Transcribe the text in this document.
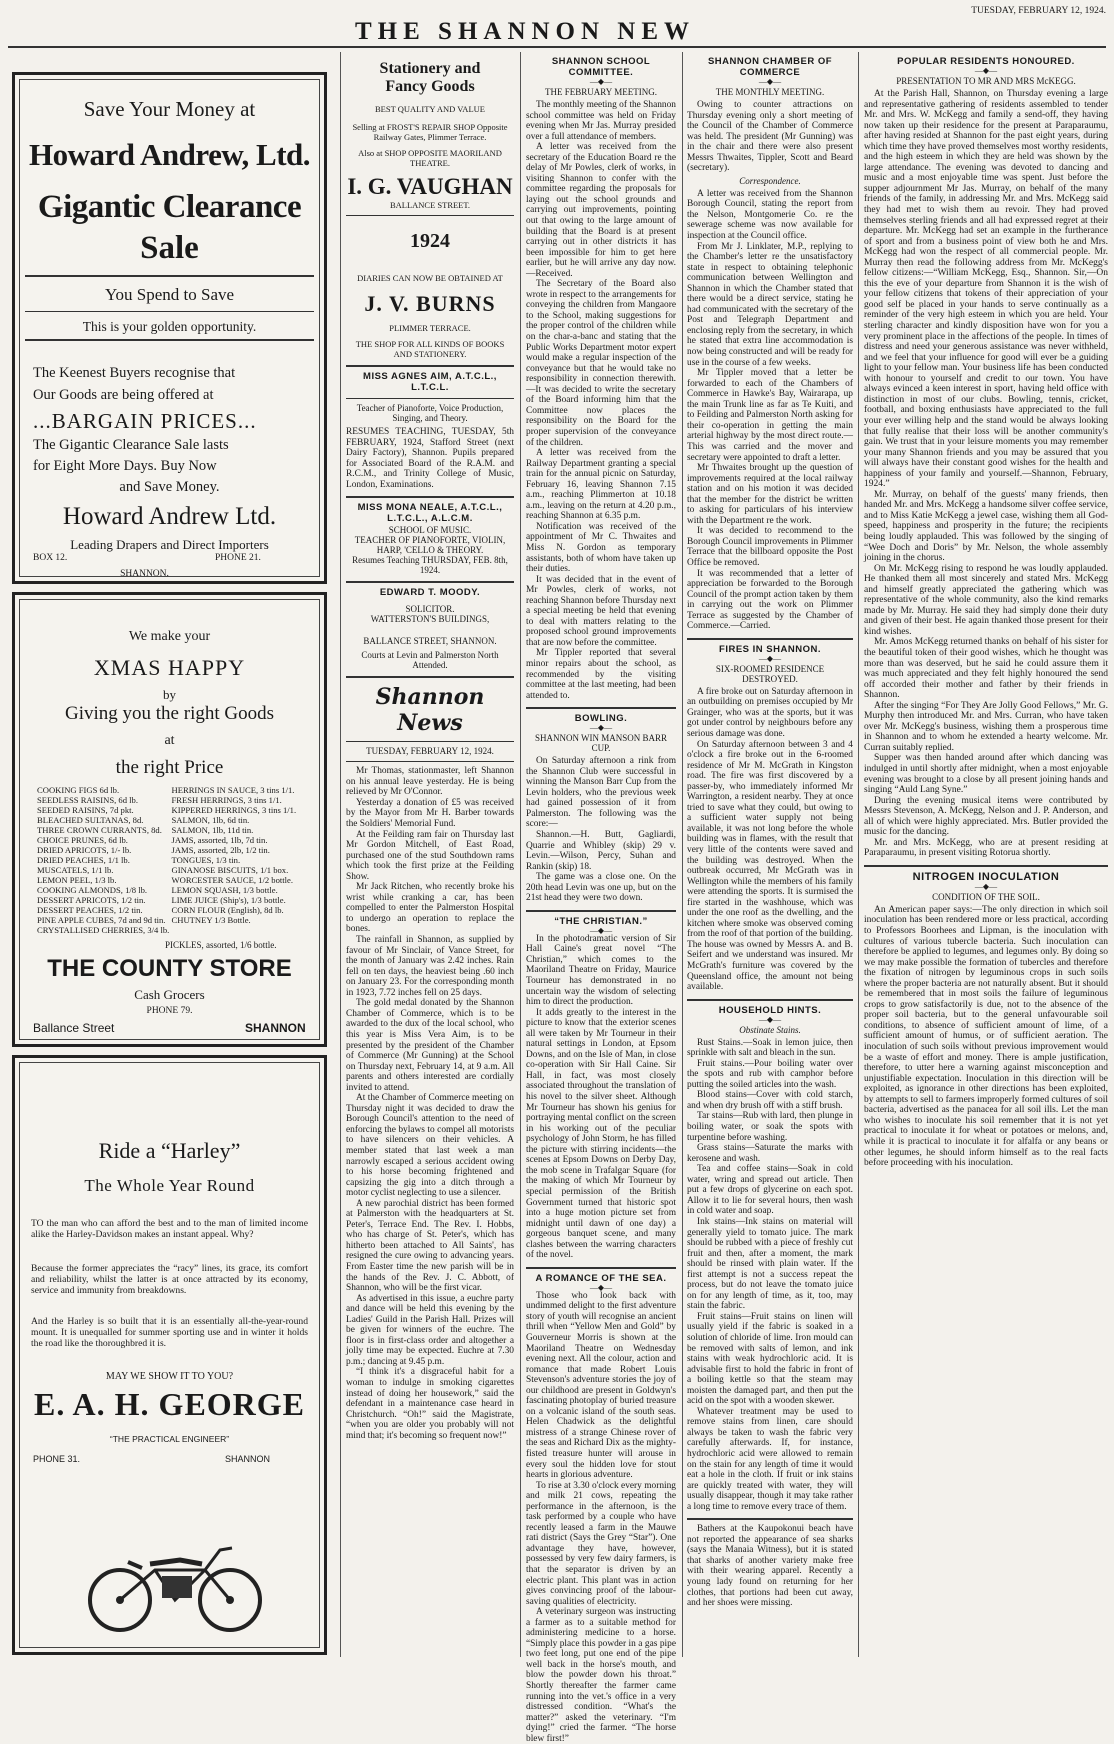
THE SHANNON NEW
TUESDAY, FEBRUARY 12, 1924.
Save Your Money at
Howard Andrew, Ltd.
Gigantic Clearance
Sale
You Spend to Save
This is your golden opportunity.
The Keenest Buyers recognise that
Our Goods are being offered at
...BARGAIN PRICES...
The Gigantic Clearance Sale lasts
for Eight More Days. Buy Now
and Save Money.
Howard Andrew Ltd.
Leading Drapers and Direct Importers
BOX 12.	PHONE 21.
SHANNON.
We make your
XMAS HAPPY
by
Giving you the right Goods
at
the right Price
COOKING FIGS 6d lb.	HERRINGS IN SAUCE, 3 tins 1/1.
SEEDLESS RAISINS, 6d lb.	FRESH HERRINGS, 3 tins 1/1.
SEEDED RAISINS, 7d pkt.	KIPPERED HERRINGS, 3 tins 1/1.
BLEACHED SULTANAS, 8d.	SALMON, 1lb, 6d tin.
THREE CROWN CURRANTS, 8d.	SALMON, 1lb, 11d tin.
CHOICE PRUNES, 6d lb.	JAMS, assorted, 1lb, 7d tin.
DRIED APRICOTS, 1/- lb.	JAMS, assorted, 2lb, 1/2 tin.
DRIED PEACHES, 1/1 lb.	TONGUES, 1/3 tin.
MUSCATELS, 1/1 lb.	GINANOSE BISCUITS, 1/1 box.
LEMON PEEL, 1/3 lb.	WORCESTER SAUCE, 1/2 bottle.
COOKING ALMONDS, 1/8 lb.	LEMON SQUASH, 1/3 bottle.
DESSERT APRICOTS, 1/2 tin.	LIME JUICE (Ship's), 1/3 bottle.
DESSERT PEACHES, 1/2 tin.	CORN FLOUR (English), 8d lb.
PINE APPLE CUBES, 7d and 9d tin. CHUTNEY 1/3 Bottle.
CRYSTALLISED CHERRIES, 3/4 lb.
PICKLES, assorted, 1/6 bottle.
THE COUNTY STORE
Cash Grocers
PHONE 79.
Ballance Street	SHANNON
Ride a “Harley”
The Whole Year Round
TO the man who can afford the best and to the man of limited income alike the Harley-Davidson makes an instant appeal. Why?
Because the former appreciates the “racy” lines, its grace, its comfort and reliability, whilst the latter is at once attracted by its economy, service and immunity from breakdowns.
And the Harley is so built that it is an essentially all-the-year-round mount. It is unequalled for summer sporting use and in winter it holds the road like the thoroughbred it is.
MAY WE SHOW IT TO YOU?
E. A. H. GEORGE
“THE PRACTICAL ENGINEER”
PHONE 31.	SHANNON
Stationery and
Fancy Goods
BEST QUALITY AND VALUE
Selling at FROST'S REPAIR SHOP Opposite Railway Gates, Plimmer Terrace.
Also at SHOP OPPOSITE MAORILAND THEATRE.
I. G. VAUGHAN
BALLANCE STREET.
1924
DIARIES CAN NOW BE OBTAINED AT
J. V. BURNS
PLIMMER TERRACE.
THE SHOP FOR ALL KINDS OF BOOKS AND STATIONERY.
MISS AGNES AIM, A.T.C.L., L.T.C.L.
Teacher of Pianoforte, Voice Production, Singing, and Theory.
RESUMES TEACHING, TUESDAY, 5th FEBRUARY, 1924, Stafford Street (next Dairy Factory), Shannon. Pupils prepared for Associated Board of the R.A.M. and R.C.M., and Trinity College of Music, London, Examinations.
MISS MONA NEALE, A.T.C.L., L.T.C.L., A.L.C.M.
SCHOOL OF MUSIC.
TEACHER OF PIANOFORTE, VIOLIN, HARP, 'CELLO & THEORY.
Resumes Teaching THURSDAY, FEB. 8th, 1924.
EDWARD T. MOODY.
SOLICITOR.
WATTERSTON'S BUILDINGS,
BALLANCE STREET, SHANNON.
Courts at Levin and Palmerston North Attended.
Shannon News
TUESDAY, FEBRUARY 12, 1924.

Mr Thomas, stationmaster, left Shannon on his annual leave yesterday. He is being relieved by Mr O'Connor.

Yesterday a donation of £5 was received by the Mayor from Mr H. Barber towards the Soldiers' Memorial Fund.

At the Feilding ram fair on Thursday last Mr Gordon Mitchell, of East Road, purchased one of the stud Southdown rams which took the first prize at the Feilding Show.

Mr Jack Ritchen, who recently broke his wrist while cranking a car, has been compelled to enter the Palmerston Hospital to undergo an operation to replace the bones.

The rainfall in Shannon, as supplied by favour of Mr Sinclair, of Vance Street, for the month of January was 2.42 inches. Rain fell on ten days, the heaviest being .60 inch on January 23. For the corresponding month in 1923, 7.72 inches fell on 25 days.

The gold medal donated by the Shannon Chamber of Commerce, which is to be awarded to the dux of the local school, who this year is Miss Vera Aim, is to be presented by the president of the Chamber of Commerce (Mr Gunning) at the School on Thursday next, February 14, at 9 a.m. All parents and others interested are cordially invited to attend.

At the Chamber of Commerce meeting on Thursday night it was decided to draw the Borough Council's attention to the need of enforcing the bylaws to compel all motorists to have silencers on their vehicles. A member stated that last week a man narrowly escaped a serious accident owing to his horse becoming frightened and capsizing the gig into a ditch through a motor cyclist neglecting to use a silencer.

A new parochial district has been formed at Palmerston with the headquarters at St. Peter's, Terrace End. The Rev. I. Hobbs, who has charge of St. Peter's, which has hitherto been attached to All Saints', has resigned the cure owing to advancing years. From Easter time the new parish will be in the hands of the Rev. J. C. Abbott, of Shannon, who will be the first vicar.

As advertised in this issue, a euchre party and dance will be held this evening by the Ladies' Guild in the Parish Hall. Prizes will be given for winners of the euchre. The floor is in first-class order and altogether a jolly time may be expected. Euchre at 7.30 p.m.; dancing at 9.45 p.m.

“I think it's a disgraceful habit for a woman to indulge in smoking cigarettes instead of doing her housework,” said the defendant in a maintenance case heard in Christchurch. “Oh!” said the Magistrate, “when you are older you probably will not mind that; it's becoming so frequent now!”

SHANNON SCHOOL COMMITTEE.
—◆—
THE FEBRUARY MEETING.

The monthly meeting of the Shannon school committee was held on Friday evening when Mr Jas. Murray presided over a full attendance of members.

A letter was received from the secretary of the Education Board re the delay of Mr Powles, clerk of works, in visiting Shannon to confer with the committee regarding the proposals for laying out the school grounds and carrying out improvements, pointing out that owing to the large amount of building that the Board is at present carrying out in other districts it has been impossible for him to get here earlier, but he will arrive any day now.—Received.

The Secretary of the Board also wrote in respect to the arrangements for conveying the children from Mangaore to the School, making suggestions for the proper control of the children while on the char-a-banc and stating that the Public Works Department motor expert would make a regular inspection of the conveyance but that he would take no responsibility in connection therewith.—It was decided to write the secretary of the Board informing him that the Committee now places the responsibility on the Board for the proper supervision of the conveyance of the children.

A letter was received from the Railway Department granting a special train for the annual picnic on Saturday, February 16, leaving Shannon 7.15 a.m., reaching Plimmerton at 10.18 a.m., leaving on the return at 4.20 p.m., reaching Shannon at 6.35 p.m.

Notification was received of the appointment of Mr C. Thwaites and Miss N. Gordon as temporary assistants, both of whom have taken up their duties.

It was decided that in the event of Mr Powles, clerk of works, not reaching Shannon before Thursday next a special meeting be held that evening to deal with matters relating to the proposed school ground improvements that are now before the committee.

Mr Tippler reported that several minor repairs about the school, as recommended by the visiting committee at the last meeting, had been attended to.

BOWLING.
—◆—
SHANNON WIN MANSON BARR CUP.

On Saturday afternoon a rink from the Shannon Club were successful in winning the Manson Barr Cup from the Levin holders, who the previous week had gained possession of it from Palmerston. The following was the score:—

Shannon.—H. Butt, Gagliardi, Quarrie and Whibley (skip) 29 v. Levin.—Wilson, Percy, Suhan and Rankin (skip) 18.

The game was a close one. On the 20th head Levin was one up, but on the 21st head they were two down.

“THE CHRISTIAN.”
—◆—

In the photodramatic version of Sir Hall Caine's great novel “The Christian,” which comes to the Maoriland Theatre on Friday, Maurice Tourneur has demonstrated in no uncertain way the wisdom of selecting him to direct the production.

It adds greatly to the interest in the picture to know that the exterior scenes all were taken by Mr Tourneur in their natural settings in London, at Epsom Downs, and on the Isle of Man, in close co-operation with Sir Hall Caine. Sir Hall, in fact, was most closely associated throughout the translation of his novel to the silver sheet. Although Mr Tourneur has shown his genius for portraying mental conflict on the screen in his working out of the peculiar psychology of John Storm, he has filled the picture with stirring incidents—the scenes at Epsom Downs on Derby Day, the mob scene in Trafalgar Square (for the making of which Mr Tourneur by special permission of the British Government turned that historic spot into a huge motion picture set from midnight until dawn of one day) a gorgeous banquet scene, and many clashes between the warring characters of the novel.

A ROMANCE OF THE SEA.
—◆—

Those who look back with undimmed delight to the first adventure story of youth will recognise an ancient thrill when “Yellow Men and Gold” by Gouverneur Morris is shown at the Maoriland Theatre on Wednesday evening next. All the colour, action and romance that made Robert Louis Stevenson's adventure stories the joy of our childhood are present in Goldwyn's fascinating photoplay of buried treasure on a volcanic island of the south seas. Helen Chadwick as the delightful mistress of a strange Chinese rover of the seas and Richard Dix as the mighty-fisted treasure hunter will arouse in every soul the hidden love for stout hearts in glorious adventure.

To rise at 3.30 o'clock every morning and milk 21 cows, repeating the performance in the afternoon, is the task performed by a couple who have recently leased a farm in the Mauwe rati district (Says the Grey “Star”). One advantage they have, however, possessed by very few dairy farmers, is that the separator is driven by an electric plant. This plant was in action gives convincing proof of the labour-saving qualities of electricity.

A veterinary surgeon was instructing a farmer as to a suitable method for administering medicine to a horse. “Simply place this powder in a gas pipe two feet long, put one end of the pipe well back in the horse's mouth, and blow the powder down his throat.” Shortly thereafter the farmer came running into the vet.'s office in a very distressed condition. “What's the matter?” asked the veterinary. “I'm dying!” cried the farmer. “The horse blew first!”

SHANNON CHAMBER OF COMMERCE
—◆—
THE MONTHLY MEETING.

Owing to counter attractions on Thursday evening only a short meeting of the Council of the Chamber of Commerce was held. The president (Mr Gunning) was in the chair and there were also present Messrs Thwaites, Tippler, Scott and Beard (secretary).

Correspondence.

A letter was received from the Shannon Borough Council, stating the report from the Nelson, Montgomerie Co. re the sewerage scheme was now available for inspection at the Council office.

From Mr J. Linklater, M.P., replying to the Chamber's letter re the unsatisfactory state in respect to obtaining telephonic communication between Wellington and Shannon in which the Chamber stated that there would be a direct service, stating he had communicated with the secretary of the Post and Telegraph Department and enclosing reply from the secretary, in which he stated that extra line accommodation is now being constructed and will be ready for use in the course of a few weeks.

Mr Tippler moved that a letter be forwarded to each of the Chambers of Commerce in Hawke's Bay, Wairarapa, up the main Trunk line as far as Te Kuiti, and to Feilding and Palmerston North asking for their co-operation in getting the main arterial highway by the most direct route.—This was carried and the mover and secretary were appointed to draft a letter.

Mr Thwaites brought up the question of improvements required at the local railway station and on his motion it was decided that the member for the district be written to asking for particulars of his interview with the Department re the work.

It was decided to recommend to the Borough Council improvements in Plimmer Terrace that the billboard opposite the Post Office be removed.

It was recommended that a letter of appreciation be forwarded to the Borough Council of the prompt action taken by them in carrying out the work on Plimmer Terrace as suggested by the Chamber of Commerce.—Carried.

FIRES IN SHANNON.
—◆—
SIX-ROOMED RESIDENCE DESTROYED.

A fire broke out on Saturday afternoon in an outbuilding on premises occupied by Mr Grainger, who was at the sports, but it was got under control by neighbours before any serious damage was done.

On Saturday afternoon between 3 and 4 o'clock a fire broke out in the 6-roomed residence of Mr M. McGrath in Kingston road. The fire was first discovered by a passer-by, who immediately informed Mr Warrington, a resident nearby. They at once tried to save what they could, but owing to a sufficient water supply not being available, it was not long before the whole building was in flames, with the result that very little of the contents were saved and the building was destroyed. When the outbreak occurred, Mr McGrath was in Wellington while the members of his family were attending the sports. It is surmised the fire started in the washhouse, which was under the one roof as the dwelling, and the kitchen where smoke was observed coming from the roof of that portion of the building. The house was owned by Messrs A. and B. Seifert and we understand was insured. Mr McGrath's furniture was covered by the Queensland office, the amount not being available.

HOUSEHOLD HINTS.
—◆—
Obstinate Stains.

Rust Stains.—Soak in lemon juice, then sprinkle with salt and bleach in the sun.

Fruit stains.—Pour boiling water over the spots and rub with camphor before putting the soiled articles into the wash.

Blood stains—Cover with cold starch, and when dry brush off with a stiff brush.

Tar stains—Rub with lard, then plunge in boiling water, or soak the spots with turpentine before washing.

Grass stains—Saturate the marks with kerosene and wash.

Tea and coffee stains—Soak in cold water, wring and spread out article. Then put a few drops of glycerine on each spot. Allow it to lie for several hours, then wash in cold water and soap.

Ink stains—Ink stains on material will generally yield to tomato juice. The mark should be rubbed with a piece of freshly cut fruit and then, after a moment, the mark should be rinsed with plain water. If the first attempt is not a success repeat the process, but do not leave the tomato juice on for any length of time, as it, too, may stain the fabric.

Fruit stains—Fruit stains on linen will usually yield if the fabric is soaked in a solution of chloride of lime. Iron mould can be removed with salts of lemon, and ink stains with weak hydrochloric acid. It is advisable first to hold the fabric in front of a boiling kettle so that the steam may moisten the damaged part, and then put the acid on the spot with a wooden skewer.

Whatever treatment may be used to remove stains from linen, care should always be taken to wash the fabric very carefully afterwards. If, for instance, hydrochloric acid were allowed to remain on the stain for any length of time it would eat a hole in the cloth. If fruit or ink stains are quickly treated with water, they will usually disappear, though it may take rather a long time to remove every trace of them.

Bathers at the Kaupokonui beach have not reported the appearance of sea sharks (says the Manaia Witness), but it is stated that sharks of another variety make free with their wearing apparel. Recently a young lady found on returning for her clothes, that portions had been cut away, and her shoes were missing.

POPULAR RESIDENTS HONOURED.
—◆—
PRESENTATION TO MR AND MRS McKEGG.

At the Parish Hall, Shannon, on Thursday evening a large and representative gathering of residents assembled to tender Mr. and Mrs. W. McKegg and family a send-off, they having now taken up their residence for the present at Paraparaumu, after having resided at Shannon for the past eight years, during which time they have proved themselves most worthy residents, and the high esteem in which they are held was shown by the large attendance. The evening was devoted to dancing and music and a most enjoyable time was spent. Just before the supper adjournment Mr Jas. Murray, on behalf of the many friends of the family, in addressing Mr. and Mrs. McKegg said they had met to wish them au revoir. They had proved themselves sterling friends and all had expressed regret at their departure. Mr. McKegg had set an example in the furtherance of sport and from a business point of view both he and Mrs. McKegg had won the respect of all commercial people. Mr. Murray then read the following address from Mr. McKegg's fellow citizens:—“William McKegg, Esq., Shannon. Sir,—On this the eve of your departure from Shannon it is the wish of your fellow citizens that tokens of their appreciation of your good self be placed in your hands to serve continually as a reminder of the very high esteem in which you are held. Your sterling character and kindly disposition have won for you a very prominent place in the affections of the people. In times of distress and need your generous assistance was never withheld, and we feel that your influence for good will ever be a guiding light to your fellow man. Your business life has been conducted with honour to yourself and credit to our town. You have always evinced a keen interest in sport, having held office with distinction in most of our clubs. Bowling, tennis, cricket, football, and boxing enthusiasts have appreciated to the full your ever willing help and the stand would be always looking that fully realise that their loss will be another community's gain. We trust that in your leisure moments you may remember your many Shannon friends and you may be assured that you will always have their constant good wishes for the health and happiness of your family and yourself.—Shannon, February, 1924.”

Mr. Murray, on behalf of the guests' many friends, then handed Mr. and Mrs. McKegg a handsome silver coffee service, and to Miss Katie McKegg a jewel case, wishing them all God-speed, happiness and prosperity in the future; the recipients being loudly applauded. This was followed by the singing of “Wee Doch and Doris” by Mr. Nelson, the whole assembly joining in the chorus.

On Mr. McKegg rising to respond he was loudly applauded. He thanked them all most sincerely and stated Mrs. McKegg and himself greatly appreciated the gathering which was representative of the whole community, also the kind remarks made by Mr. Murray. He said they had simply done their duty and given of their best. He again thanked those present for their kind wishes.

Mr. Amos McKegg returned thanks on behalf of his sister for the beautiful token of their good wishes, which he thought was more than was deserved, but he said he could assure them it was much appreciated and they felt highly honoured the send off accorded their mother and father by their friends in Shannon.

After the singing “For They Are Jolly Good Fellows,” Mr. G. Murphy then introduced Mr. and Mrs. Curran, who have taken over Mr. McKegg's business, wishing them a prosperous time in Shannon and to whom he extended a hearty welcome. Mr. Curran suitably replied.

Supper was then handed around after which dancing was indulged in until shortly after midnight, when a most enjoyable evening was brought to a close by all present joining hands and singing “Auld Lang Syne.”

During the evening musical items were contributed by Messrs Stevenson, A. McKegg, Nelson and J. P. Anderson, and all of which were highly appreciated. Mrs. Butler provided the music for the dancing.

Mr. and Mrs. McKegg, who are at present residing at Paraparaumu, in present visiting Rotorua shortly.

NITROGEN INOCULATION
—◆—
CONDITION OF THE SOIL.

An American paper says:—The only direction in which soil inoculation has been rendered more or less practical, according to Professors Boorhees and Lipman, is the inoculation with cultures of various tubercle bacteria. Such inoculation can therefore be applied to legumes, and legumes only. By doing so we may make possible the formation of tubercles and therefore the fixation of nitrogen by leguminous crops in such soils where the proper bacteria are not naturally absent. But it should be remembered that in most soils the failure of leguminous crops to grow satisfactorily is due, not to the absence of the proper soil bacteria, but to the general unfavourable soil conditions, to absence of sufficient amount of lime, of a sufficient amount of humus, or of sufficient aeration. The inoculation of such soils without previous improvement would be a waste of effort and money. There is ample justification, therefore, to utter here a warning against misconception and unjustifiable expectation. Inoculation in this direction will be exploited, as ignorance in other directions has been exploited, by attempts to sell to farmers improperly formed cultures of soil bacteria, advertised as the panacea for all soil ills. Let the man who wishes to inoculate his soil remember that it is not yet practical to inoculate it for wheat or potatoes or melons, and, while it is practical to inoculate it for alfalfa or any beans or other legumes, he should inform himself as to the real facts before proceeding with his inoculation.
